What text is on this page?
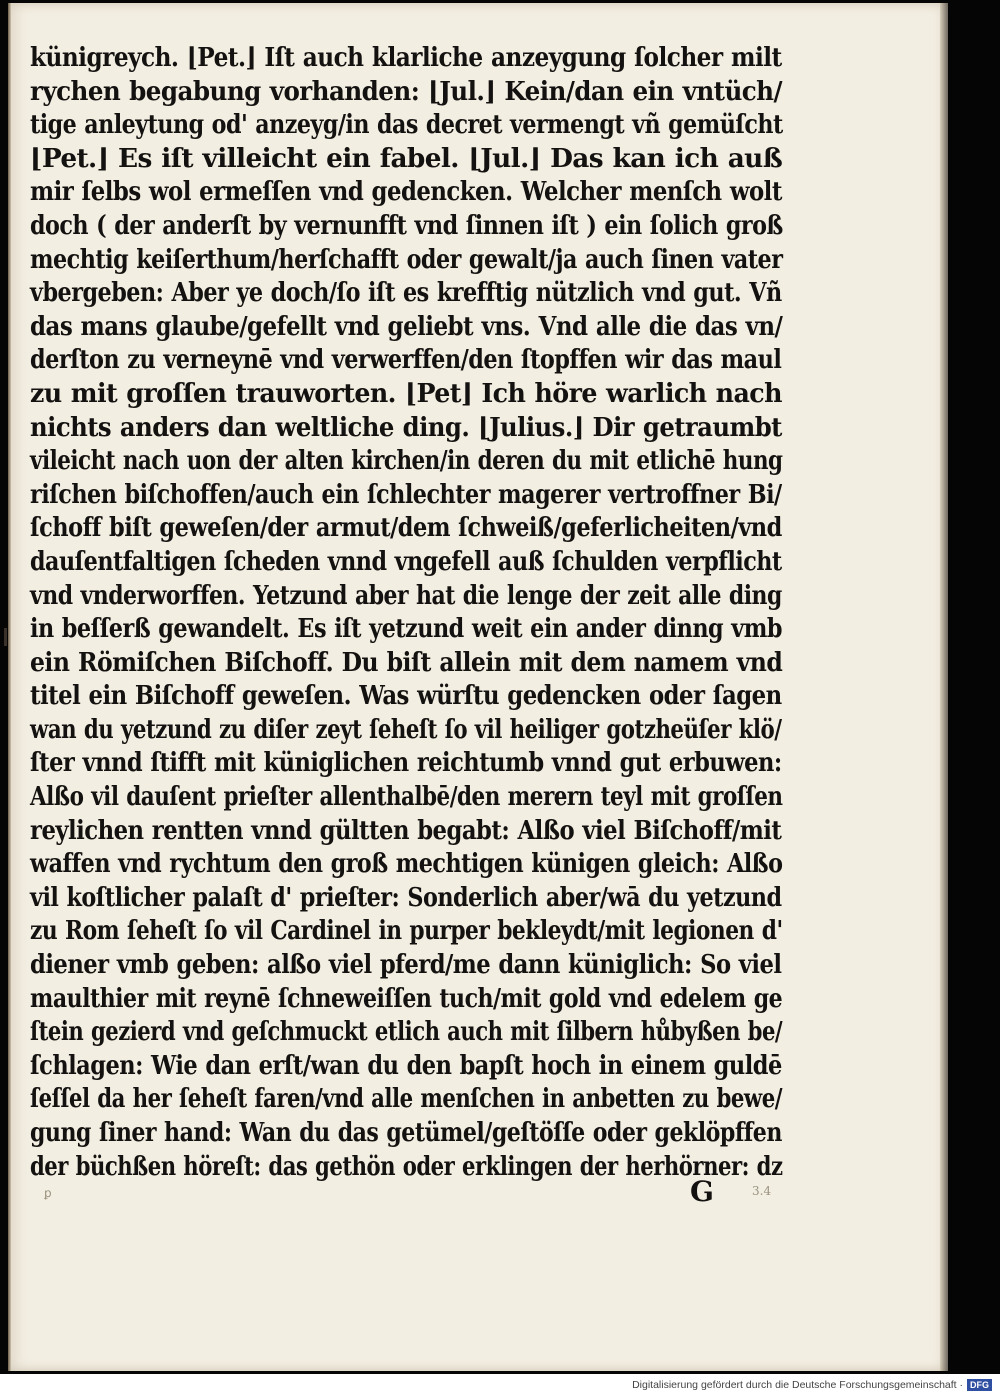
künigreych. ⌊Pet.⌋ Iſt auch klarliche anzeygung ſolcher milt
rychen begabung vorhanden: ⌊Jul.⌋ Kein/dan ein vntüch/
tige anleytung od' anzeyg/in das decret vermengt vñ gemüſcht
⌊Pet.⌋ Es iſt villeicht ein fabel. ⌊Jul.⌋ Das kan ich auß
mir ſelbs wol ermeſſen vnd gedencken. Welcher menſch wolt
doch ( der anderſt by vernunfft vnd ſinnen iſt ) ein ſolich groß
mechtig keiſerthum/herſchafft oder gewalt/ja auch ſinen vater
vbergeben: Aber ye doch/ſo iſt es krefftig nützlich vnd gut. Vñ
das mans glaube/gefellt vnd geliebt vns. Vnd alle die das vn/
derſton zu verneynē vnd verwerffen/den ſtopffen wir das maul
zu mit groſſen trauworten. ⌊Pet⌋ Ich höre warlich nach
nichts anders dan weltliche ding. ⌊Julius.⌋ Dir getraumbt
vileicht nach uon der alten kirchen/in deren du mit etlichē hung
riſchen biſchoffen/auch ein ſchlechter magerer vertroffner Bi/
ſchoff biſt geweſen/der armut/dem ſchweiß/geferlicheiten/vnd
dauſentfaltigen ſcheden vnnd vngefell auß ſchulden verpflicht
vnd vnderworffen. Yetzund aber hat die lenge der zeit alle ding
in beſſerß gewandelt. Es iſt yetzund weit ein ander dinng vmb
ein Römiſchen Biſchoff. Du biſt allein mit dem namem vnd
titel ein Biſchoff geweſen. Was würſtu gedencken oder ſagen
wan du yetzund zu diſer zeyt ſeheſt ſo vil heiliger gotzheüſer klö/
ſter vnnd ſtifft mit küniglichen reichtumb vnnd gut erbuwen:
Alßo vil dauſent prieſter allenthalbē/den merern teyl mit groſſen
reylichen rentten vnnd gültten begabt: Alßo viel Biſchoff/mit
waffen vnd rychtum den groß mechtigen künigen gleich: Alßo
vil koſtlicher palaſt d' prieſter: Sonderlich aber/wā du yetzund
zu Rom ſeheſt ſo vil Cardinel in purper bekleydt/mit legionen d'
diener vmb geben: alßo viel pferd/me dann küniglich: So viel
maulthier mit reynē ſchneweiſſen tuch/mit gold vnd edelem ge
ſtein gezierd vnd geſchmuckt etlich auch mit ſilbern hůbyßen be/
ſchlagen: Wie dan erſt/wan du den bapſt hoch in einem guldē
ſeſſel da her ſeheſt faren/vnd alle menſchen in anbetten zu bewe/
gung ſiner hand: Wan du das getümel/geſtöſſe oder geklöpffen
der büchßen höreſt: das gethön oder erklingen der herhörner: dz
G
ꝑ	3.4
Digitalisierung gefördert durch die Deutsche Forschungsgemeinschaft · DFG
